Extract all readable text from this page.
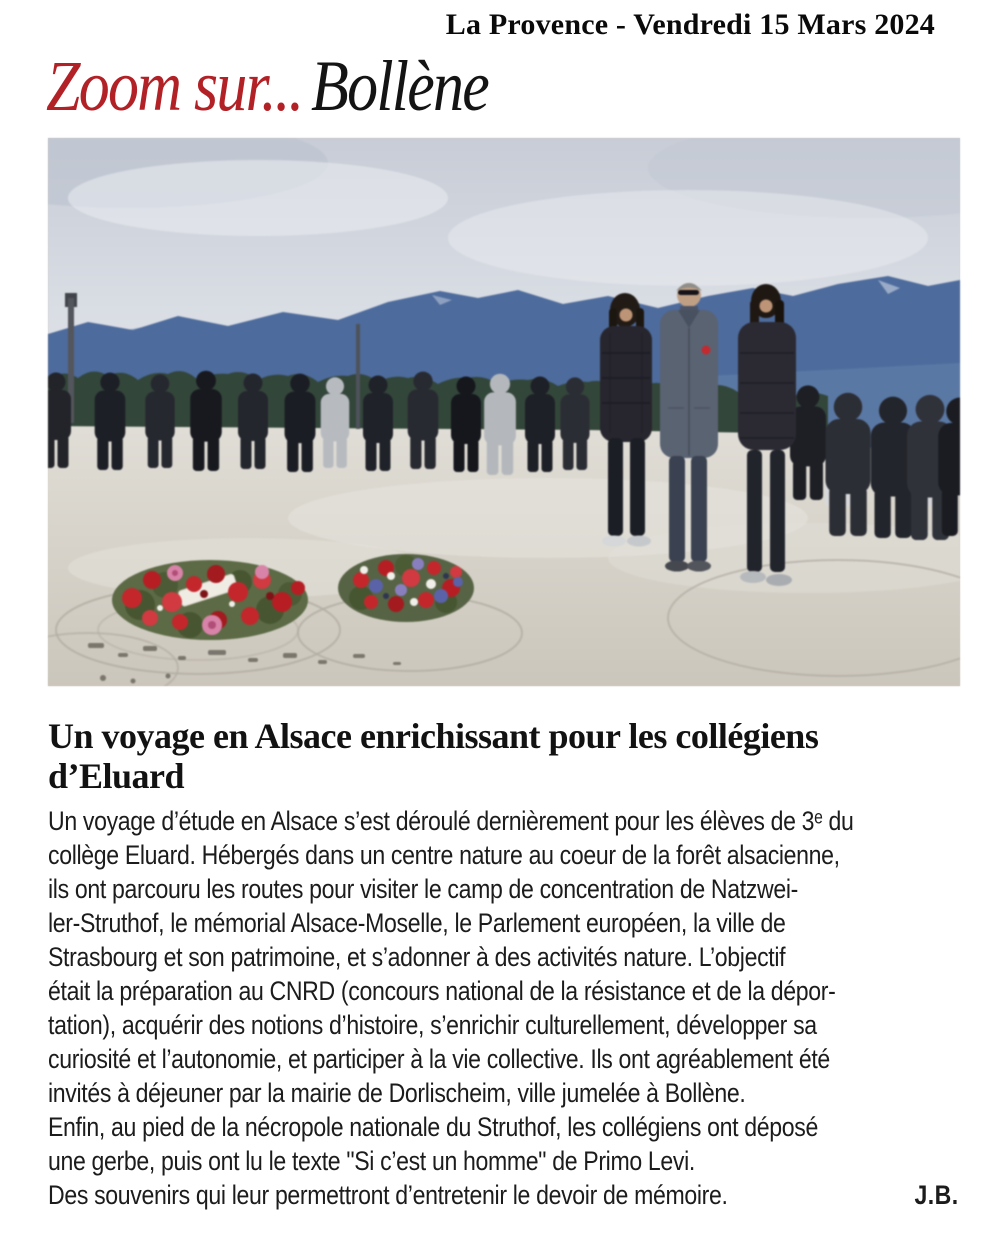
La Provence - Vendredi 15 Mars 2024
Zoom sur... Bollène
Un voyage en Alsace enrichissant pour les collégiens
d’Eluard
Un voyage d’étude en Alsace s’est déroulé dernièrement pour les élèves de 3ᵉ du
collège Eluard. Hébergés dans un centre nature au coeur de la forêt alsacienne,
ils ont parcouru les routes pour visiter le camp de concentration de Natzwei-
ler-Struthof, le mémorial Alsace-Moselle, le Parlement européen, la ville de
Strasbourg et son patrimoine, et s’adonner à des activités nature. L’objectif
était la préparation au CNRD (concours national de la résistance et de la dépor-
tation), acquérir des notions d’histoire, s’enrichir culturellement, développer sa
curiosité et l’autonomie, et participer à la vie collective. Ils ont agréablement été
invités à déjeuner par la mairie de Dorlischeim, ville jumelée à Bollène.
Enfin, au pied de la nécropole nationale du Struthof, les collégiens ont déposé
une gerbe, puis ont lu le texte "Si c’est un homme" de Primo Levi.
Des souvenirs qui leur permettront d’entretenir le devoir de mémoire.	J.B.
